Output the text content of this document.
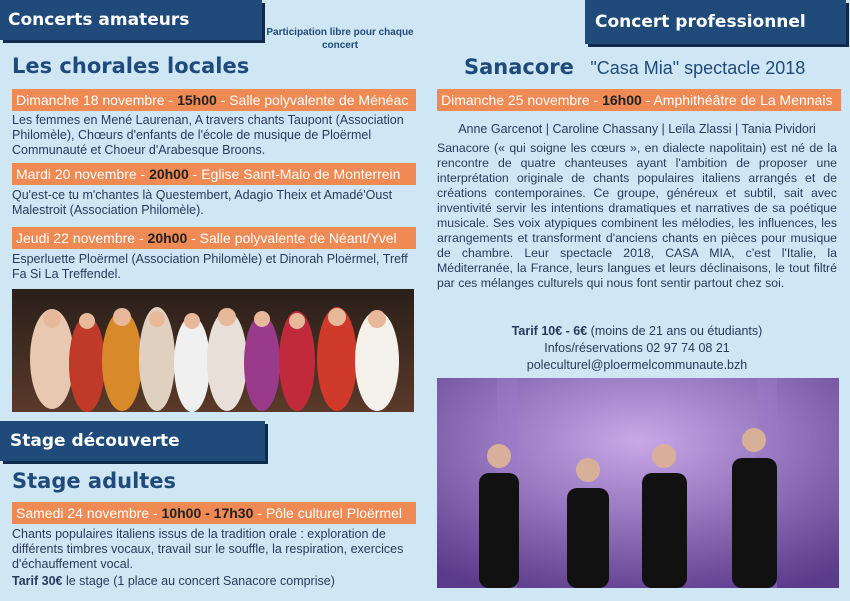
Concerts amateurs
Participation libre pour chaque concert
Les chorales locales
Dimanche 18 novembre - 15h00 - Salle polyvalente de Ménéac
Les femmes en Mené Laurenan, A travers chants Taupont (Association Philomèle), Chœurs d'enfants de l'école de musique de Ploërmel Communauté et Choeur d'Arabesque Broons.
Mardi 20 novembre - 20h00 - Eglise Saint-Malo de Monterrein
Qu'est-ce tu m'chantes là Questembert, Adagio Theix et Amadé'Oust Malestroit (Association Philomèle).
Jeudi 22 novembre - 20h00 - Salle polyvalente de Néant/Yvel
Esperluette Ploërmel (Association Philomèle) et Dinorah Ploërmel, Treff Fa Si La Treffendel.
Stage découverte
Stage adultes
Samedi 24 novembre - 10h00 - 17h30 - Pôle culturel Ploërmel
Chants populaires italiens issus de la tradition orale : exploration de différents timbres vocaux, travail sur le souffle, la respiration, exercices d'échauffement vocal.
Tarif 30€ le stage (1 place au concert Sanacore comprise)
Concert professionnel
Sanacore "Casa Mia" spectacle 2018
Dimanche 25 novembre - 16h00 - Amphithéâtre de La Mennais
Anne Garcenot | Caroline Chassany | Leïla Zlassi | Tania Pividori
Sanacore (« qui soigne les cœurs », en dialecte napolitain) est né de la rencontre de quatre chanteuses ayant l'ambition de proposer une interprétation originale de chants populaires italiens arrangés et de créations contemporaines. Ce groupe, généreux et subtil, sait avec inventivité servir les intentions dramatiques et narratives de sa poétique musicale. Ses voix atypiques combinent les mélodies, les influences, les arrangements et transforment d'anciens chants en pièces pour musique de chambre. Leur spectacle 2018, CASA MIA, c'est l'Italie, la Méditerranée, la France, leurs langues et leurs déclinaisons, le tout filtré par ces mélanges culturels qui nous font sentir partout chez soi.
Tarif 10€ - 6€ (moins de 21 ans ou étudiants)
Infos/réservations 02 97 74 08 21
poleculturel@ploermelcommunaute.bzh
